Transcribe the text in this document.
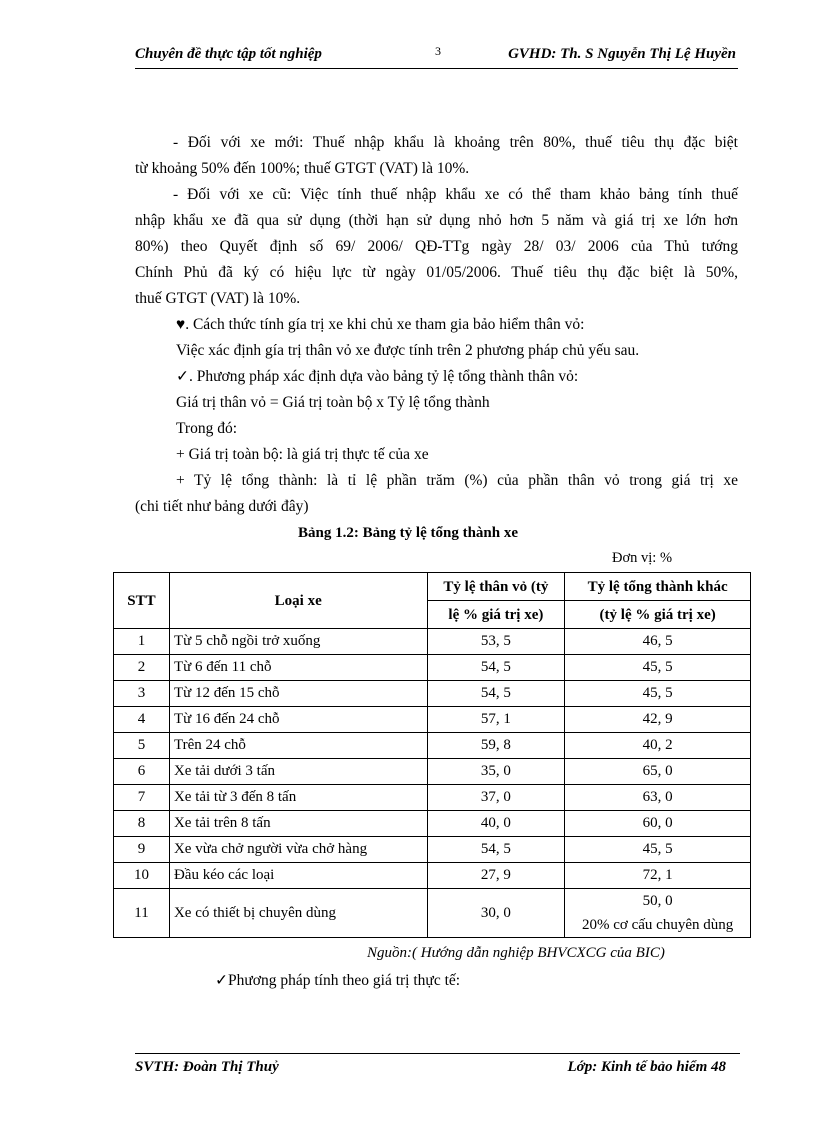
Chuyên đề thực tập tốt nghiệp	3	GVHD: Th. S Nguyễn Thị Lệ Huyền
- Đối với xe mới: Thuế nhập khẩu là khoảng trên 80%, thuế tiêu thụ đặc biệt
từ khoảng 50% đến 100%; thuế GTGT (VAT) là 10%.
- Đối với xe cũ: Việc tính thuế nhập khẩu xe có thể tham khảo bảng tính thuế
nhập khẩu xe đã qua sử dụng (thời hạn sử dụng nhỏ hơn 5 năm và giá trị xe lớn hơn
80%) theo Quyết định số 69/ 2006/ QĐ-TTg ngày 28/ 03/ 2006 của Thủ tướng
Chính Phủ đã ký có hiệu lực từ ngày 01/05/2006. Thuế tiêu thụ đặc biệt là 50%,
thuế GTGT (VAT) là 10%.
♥. Cách thức tính gía trị xe khi chủ xe tham gia bảo hiểm thân vỏ:
Việc xác định gía trị thân vỏ xe được tính trên 2 phương pháp chủ yếu sau.
✓. Phương pháp xác định dựa vào bảng tỷ lệ tổng thành thân vỏ:
Giá trị thân vỏ = Giá trị toàn bộ x Tỷ lệ tổng thành
Trong đó:
+ Giá trị toàn bộ: là giá trị thực tế của xe
+ Tỷ lệ tổng thành: là tỉ lệ phần trăm (%) của phần thân vỏ trong giá trị xe
(chi tiết như bảng dưới đây)
Bảng 1.2: Bảng tỷ lệ tổng thành xe
Đơn vị: %
STT	Loại xe	Tỷ lệ thân vỏ (tỷ	Tỷ lệ tổng thành khác
		lệ % giá trị xe)	(tỷ lệ % giá trị xe)
1	Từ 5 chỗ ngồi trở xuống	53, 5	46, 5
2	Từ 6 đến 11 chỗ	54, 5	45, 5
3	Từ 12 đến 15 chỗ	54, 5	45, 5
4	Từ 16 đến 24 chỗ	57, 1	42, 9
5	Trên 24 chỗ	59, 8	40, 2
6	Xe tải dưới 3 tấn	35, 0	65, 0
7	Xe tải từ 3 đến 8 tấn	37, 0	63, 0
8	Xe tải trên 8 tấn	40, 0	60, 0
9	Xe vừa chở người vừa chở hàng	54, 5	45, 5
10	Đầu kéo các loại	27, 9	72, 1
11	Xe có thiết bị chuyên dùng	30, 0	50, 0
20% cơ cấu chuyên dùng
Nguồn:( Hướng dẫn nghiệp BHVCXCG của BIC)
✓Phương pháp tính theo giá trị thực tế:
SVTH: Đoàn Thị Thuỷ	Lớp: Kinh tế bảo hiểm 48
